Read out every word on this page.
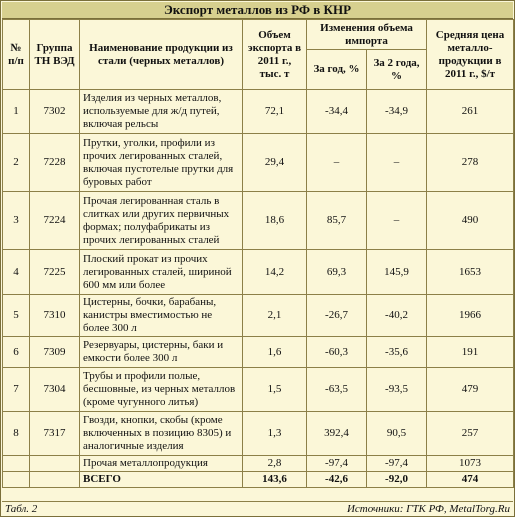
Экспорт металлов из РФ в КНР
№ п/п	Группа ТН ВЭД	Наименование продукции из стали (черных металлов)	Объем экспорта в 2011 г., тыс. т	Изменения объема импорта		Средняя цена металло-продукции в 2011 г., $/т
				За год, %	За 2 года, %	
1	7302	Изделия из черных металлов, используемые для ж/д путей, включая рельсы	72,1	-34,4	-34,9	261
2	7228	Прутки, уголки, профили из прочих легированных сталей, включая пустотелые прутки для буровых работ	29,4	–	–	278
3	7224	Прочая легированная сталь в слитках или других первичных формах; полуфабрикаты из прочих легированных сталей	18,6	85,7	–	490
4	7225	Плоский прокат из прочих легированных сталей, шириной 600 мм или более	14,2	69,3	145,9	1653
5	7310	Цистерны, бочки, барабаны, канистры вместимостью не более 300 л	2,1	-26,7	-40,2	1966
6	7309	Резервуары, цистерны, баки и емкости более 300 л	1,6	-60,3	-35,6	191
7	7304	Трубы и профили полые, бесшовные, из черных металлов (кроме чугунного литья)	1,5	-63,5	-93,5	479
8	7317	Гвозди, кнопки, скобы (кроме включенных в позицию 8305) и аналогичные изделия	1,3	392,4	90,5	257
		Прочая металлопродукция	2,8	-97,4	-97,4	1073
		ВСЕГО	143,6	-42,6	-92,0	474
Табл. 2	Источники: ГТК РФ, MetalTorg.Ru
